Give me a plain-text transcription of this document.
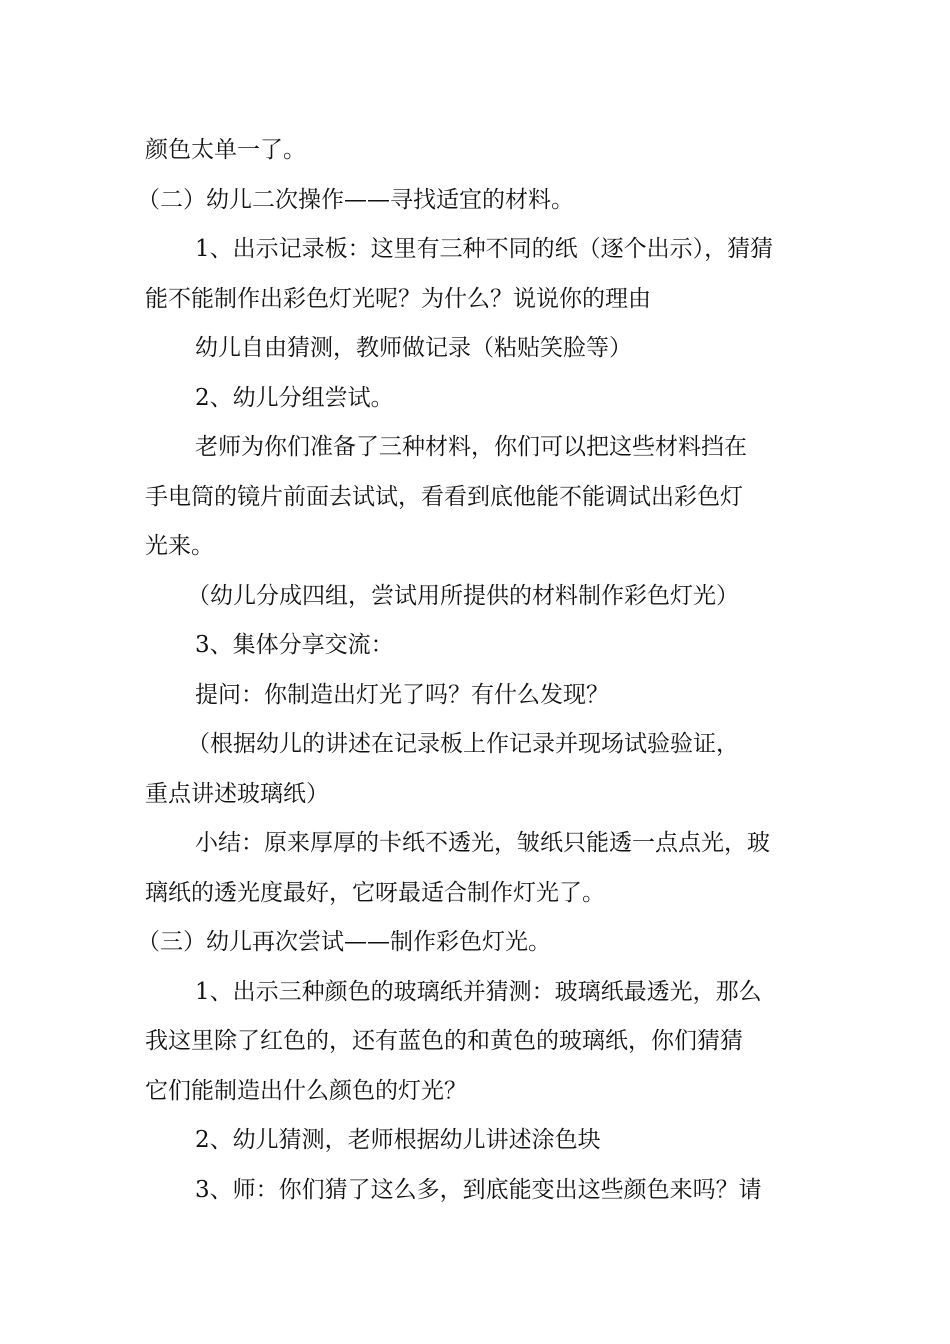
颜色太单一了。
（二）幼儿二次操作——寻找适宜的材料。
1、出示记录板：这里有三种不同的纸（逐个出示），猜猜
能不能制作出彩色灯光呢？为什么？说说你的理由
幼儿自由猜测，教师做记录（粘贴笑脸等）
2、幼儿分组尝试。
老师为你们准备了三种材料，你们可以把这些材料挡在
手电筒的镜片前面去试试，看看到底他能不能调试出彩色灯
光来。
（幼儿分成四组，尝试用所提供的材料制作彩色灯光）
3、集体分享交流：
提问：你制造出灯光了吗？有什么发现？
（根据幼儿的讲述在记录板上作记录并现场试验验证，
重点讲述玻璃纸）
小结：原来厚厚的卡纸不透光，皱纸只能透一点点光，玻
璃纸的透光度最好，它呀最适合制作灯光了。
（三）幼儿再次尝试——制作彩色灯光。
1、出示三种颜色的玻璃纸并猜测：玻璃纸最透光，那么
我这里除了红色的，还有蓝色的和黄色的玻璃纸，你们猜猜
它们能制造出什么颜色的灯光？
2、幼儿猜测，老师根据幼儿讲述涂色块
3、师：你们猜了这么多，到底能变出这些颜色来吗？请
